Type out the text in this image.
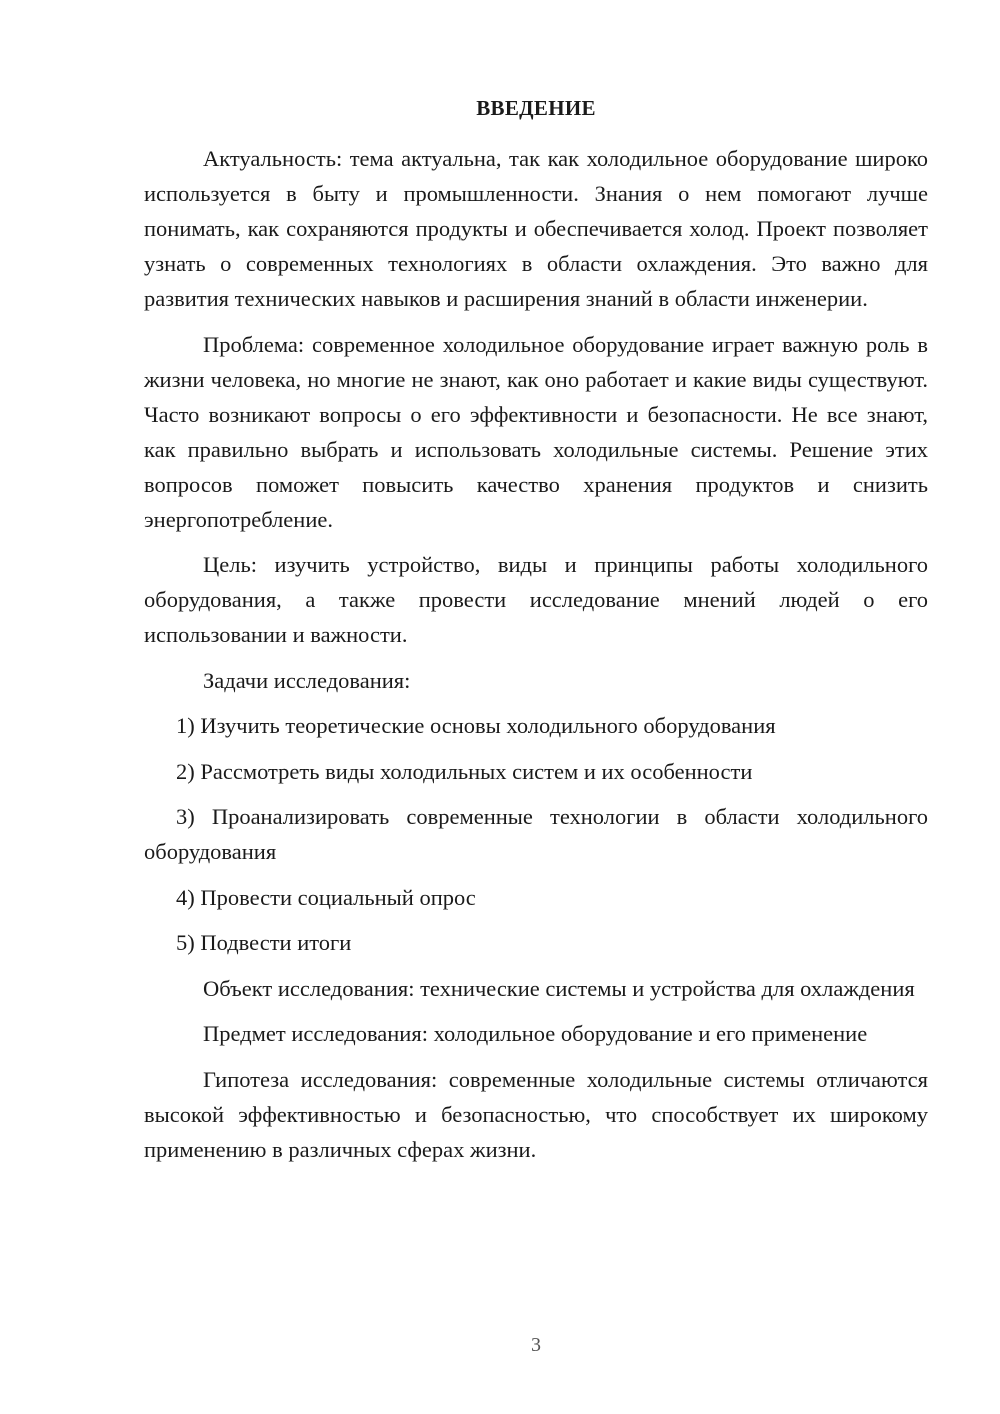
ВВЕДЕНИЕ

Актуальность: тема актуальна, так как холодильное оборудование широко используется в быту и промышленности. Знания о нем помогают лучше понимать, как сохраняются продукты и обеспечивается холод. Проект позволяет узнать о современных технологиях в области охлаждения. Это важно для развития технических навыков и расширения знаний в области инженерии.

Проблема: современное холодильное оборудование играет важную роль в жизни человека, но многие не знают, как оно работает и какие виды существуют. Часто возникают вопросы о его эффективности и безопасности. Не все знают, как правильно выбрать и использовать холодильные системы. Решение этих вопросов поможет повысить качество хранения продуктов и снизить энергопотребление.

Цель: изучить устройство, виды и принципы работы холодильного оборудования, а также провести исследование мнений людей о его использовании и важности.

Задачи исследования:

1) Изучить теоретические основы холодильного оборудования

2) Рассмотреть виды холодильных систем и их особенности

3) Проанализировать современные технологии в области холодильного оборудования

4) Провести социальный опрос

5) Подвести итоги

Объект исследования: технические системы и устройства для охлаждения

Предмет исследования: холодильное оборудование и его применение

Гипотеза исследования: современные холодильные системы отличаются высокой эффективностью и безопасностью, что способствует их широкому применению в различных сферах жизни.

3
